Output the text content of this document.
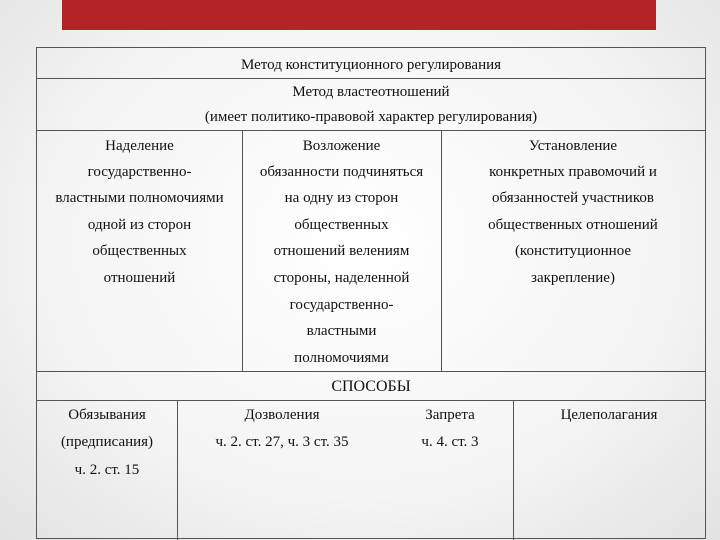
Метод конституционного регулирования
Метод властеотношений
(имеет политико-правовой характер регулирования)
Наделение
государственно-
властными полномочиями
одной из сторон
общественных
отношений
Возложение
обязанности подчиняться
на одну из сторон
общественных
отношений велениям
стороны, наделенной
государственно-
властными
полномочиями
Установление
конкретных правомочий и
обязанностей участников
общественных отношений
(конституционное
закрепление)
СПОСОБЫ
Обязывания
(предписания)
ч. 2. ст. 15
Дозволения
ч. 2. ст. 27, ч. 3 ст. 35
Запрета
ч. 4. ст. 3
Целеполагания
